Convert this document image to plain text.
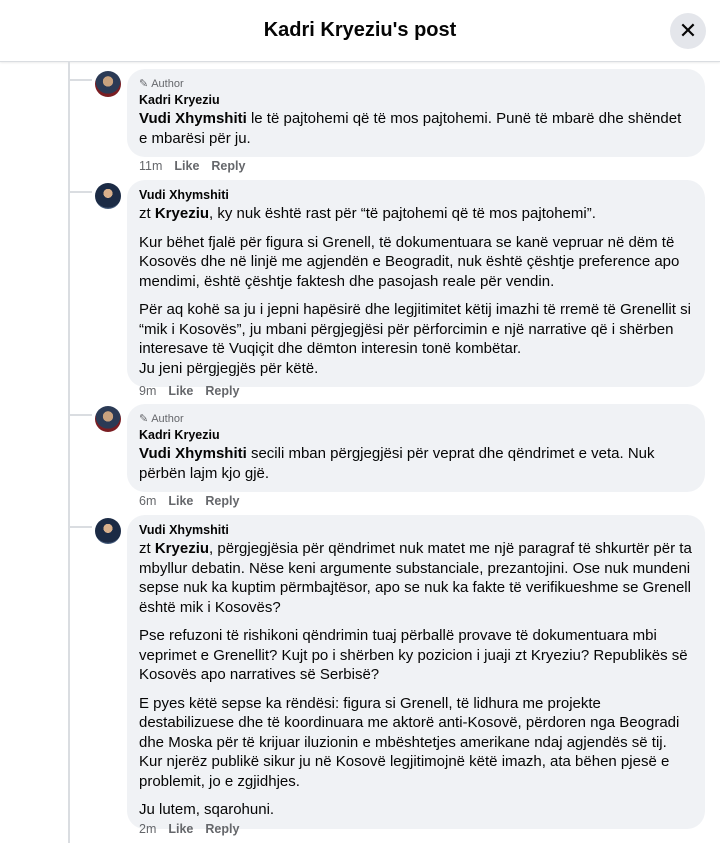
Kadri Kryeziu's post	✕
✎ Author
Kadri Kryeziu
Vudi Xhymshiti le të pajtohemi që të mos pajtohemi. Punë të mbarë dhe shëndet e mbarësi për ju.
11m Like Reply
Vudi Xhymshiti

zt Kryeziu, ky nuk është rast për “të pajtohemi që të mos pajtohemi”.

Kur bëhet fjalë për figura si Grenell, të dokumentuara se kanë vepruar në dëm të Kosovës dhe në linjë me agjendën e Beogradit, nuk është çështje preference apo mendimi, është çështje faktesh dhe pasojash reale për vendin.

Për aq kohë sa ju i jepni hapësirë dhe legjitimitet këtij imazhi të rremë të Grenellit si “mik i Kosovës”, ju mbani përgjegjësi për përforcimin e një narrative që i shërben interesave të Vuqiçit dhe dëmton interesin tonë kombëtar.

Ju jeni përgjegjës për këtë.

9m Like Reply
✎ Author
Kadri Kryeziu
Vudi Xhymshiti secili mban përgjegjësi për veprat dhe qëndrimet e veta. Nuk përbën lajm kjo gjë.
6m Like Reply
Vudi Xhymshiti

zt Kryeziu, përgjegjësia për qëndrimet nuk matet me një paragraf të shkurtër për ta mbyllur debatin. Nëse keni argumente substanciale, prezantojini. Ose nuk mundeni sepse nuk ka kuptim përmbajtësor, apo se nuk ka fakte të verifikueshme se Grenell është mik i Kosovës?

Pse refuzoni të rishikoni qëndrimin tuaj përballë provave të dokumentuara mbi veprimet e Grenellit? Kujt po i shërben ky pozicion i juaji zt Kryeziu? Republikës së Kosovës apo narratives së Serbisë?

E pyes këtë sepse ka rëndësi: figura si Grenell, të lidhura me projekte destabilizuese dhe të koordinuara me aktorë anti-Kosovë, përdoren nga Beogradi dhe Moska për të krijuar iluzionin e mbështetjes amerikane ndaj agjendës së tij. Kur njerëz publikë sikur ju në Kosovë legjitimojnë këtë imazh, ata bëhen pjesë e problemit, jo e zgjidhjes.

Ju lutem, sqarohuni.

2m Like Reply
